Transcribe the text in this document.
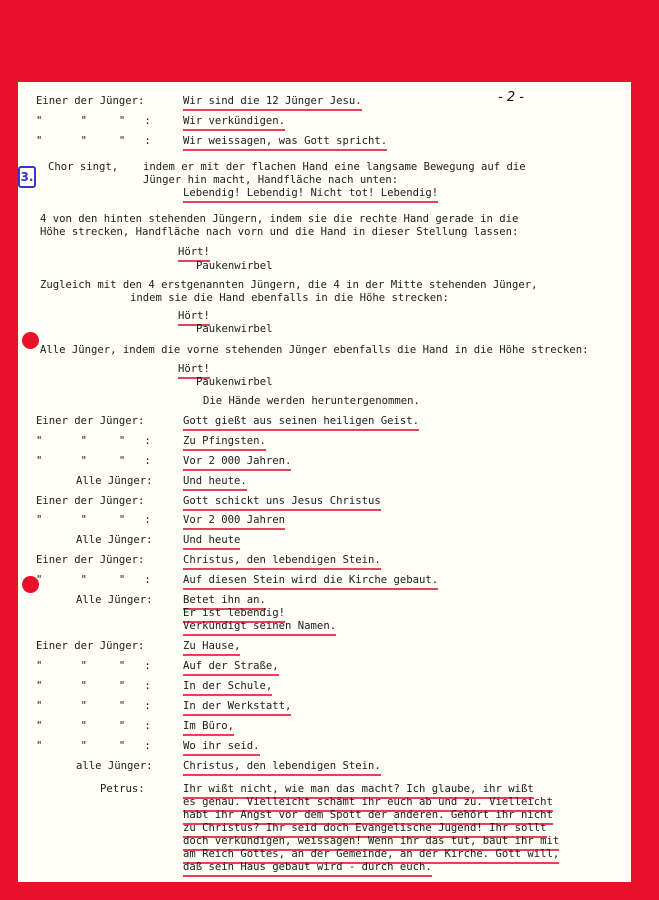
- 2 -
3.
Einer der Jünger:	Wir sind die 12 Jünger Jesu.
"      "     "   :	Wir verkündigen.
"      "     "   :	Wir weissagen, was Gott spricht.
Chor singt, indem er mit der flachen Hand eine langsame Bewegung auf die
Jünger hin macht, Handfläche nach unten:
Lebendig! Lebendig! Nicht tot! Lebendig!
4 von den hinten stehenden Jüngern, indem sie die rechte Hand gerade in die
Höhe strecken, Handfläche nach vorn und die Hand in dieser Stellung lassen:
Hört!
Paukenwirbel
Zugleich mit den 4 erstgenannten Jüngern, die 4 in der Mitte stehenden Jünger,
indem sie die Hand ebenfalls in die Höhe strecken:
Hört!
Paukenwirbel
Alle Jünger, indem die vorne stehenden Jünger ebenfalls die Hand in die Höhe strecken:
Hört!
Paukenwirbel
Die Hände werden heruntergenommen.
Einer der Jünger:	Gott gießt aus seinen heiligen Geist.
"      "     "   :	Zu Pfingsten.
"      "     "   :	Vor 2 000 Jahren.
Alle Jünger:	Und heute.
Einer der Jünger:	Gott schickt uns Jesus Christus
"      "     "   :	Vor 2 000 Jahren
Alle Jünger:	Und heute
Einer der Jünger:	Christus, den lebendigen Stein.
"      "     "   :	Auf diesen Stein wird die Kirche gebaut.
Alle Jünger:	Betet ihn an.
Er ist lebendig!
Verkündigt seinen Namen.
Einer der Jünger:	Zu Hause,
"      "     "   :	Auf der Straße,
"      "     "   :	In der Schule,
"      "     "   :	In der Werkstatt,
"      "     "   :	Im Büro,
"      "     "   :	Wo ihr seid.
alle Jünger:	Christus, den lebendigen Stein.
Petrus:	Ihr wißt nicht, wie man das macht? Ich glaube, ihr wißt
es genau. Vielleicht schämt ihr euch ab und zu. Vielleicht
habt ihr Angst vor dem Spott der anderen. Gehört ihr nicht
zu Christus? Ihr seid doch Evangelische Jugend! Ihr sollt
doch verkündigen, weissagen! Wenn ihr das tut, baut ihr mit
am Reich Gottes, an der Gemeinde, an der Kirche. Gott will,
daß sein Haus gebaut wird - durch euch.
